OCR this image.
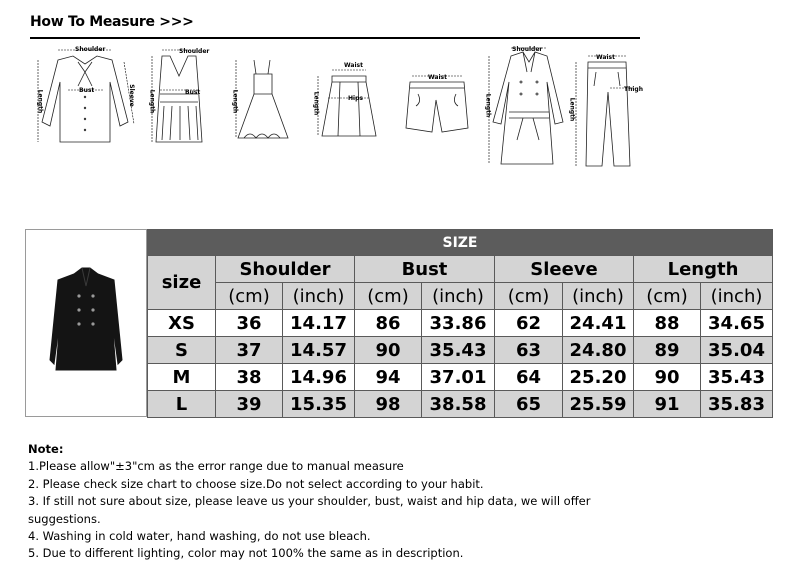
How To Measure >>>
Shoulder
Bust
Length	Sleeve
Shoulder
Bust
Length	Length
Waist
Hips
Length
Waist
Shoulder
Length
Waist
Thigh
Length
SIZE								
size	Shoulder		Bust		Sleeve		Length	
	(cm)	(inch)	(cm)	(inch)	(cm)	(inch)	(cm)	(inch)
XS	36	14.17	86	33.86	62	24.41	88	34.65
S	37	14.57	90	35.43	63	24.80	89	35.04
M	38	14.96	94	37.01	64	25.20	90	35.43
L	39	15.35	98	38.58	65	25.59	91	35.83
Note:
1.Please allow"±3"cm as the error range due to manual measure
2. Please check size chart to choose size.Do not select according to your habit.
3. If still not sure about size, please leave us your shoulder, bust, waist and hip data, we will offer
suggestions.
4. Washing in cold water, hand washing, do not use bleach.
5. Due to different lighting, color may not 100% the same as in description.
